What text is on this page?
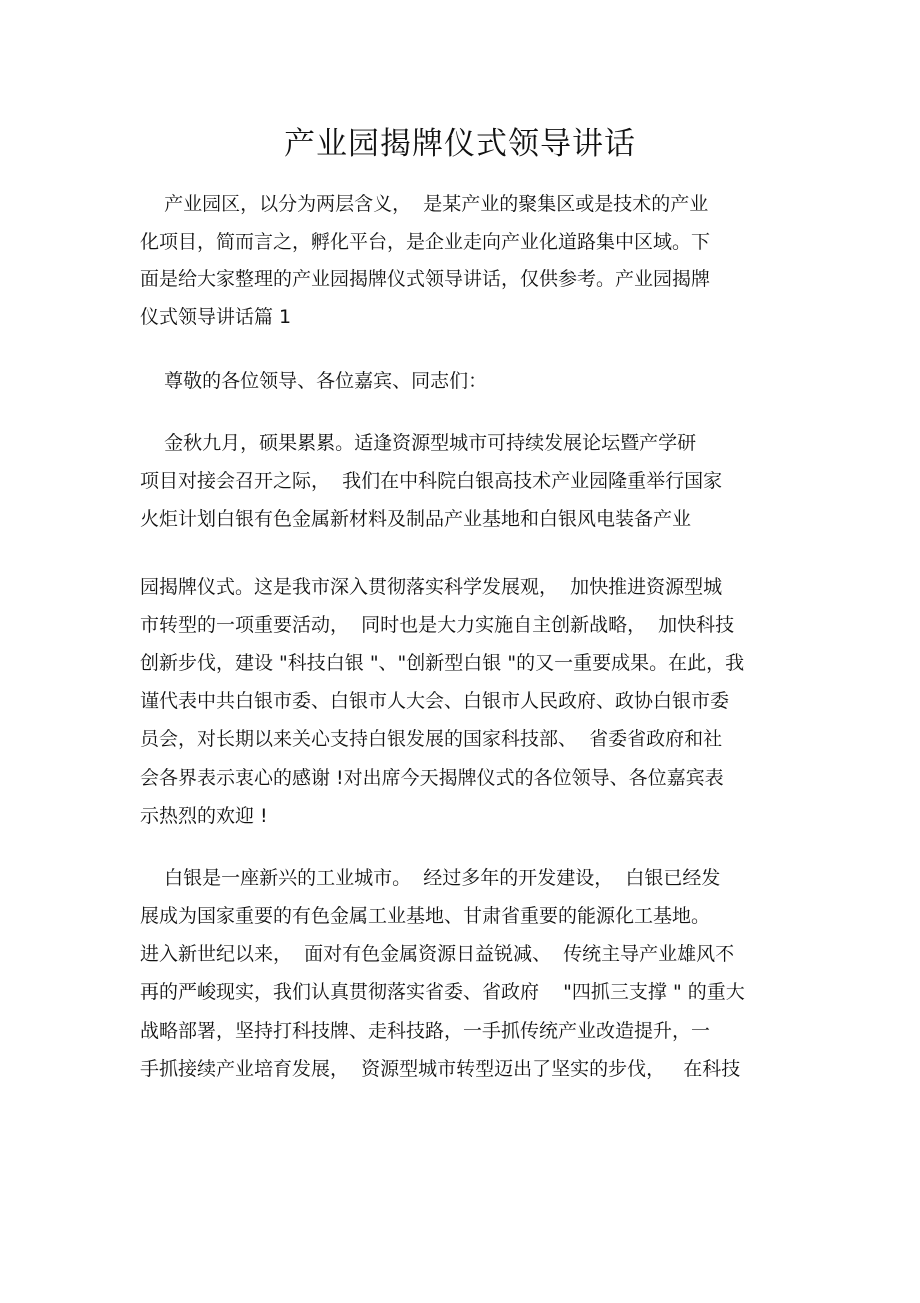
产业园揭牌仪式领导讲话
产业园区，以分为两层含义，  是某产业的聚集区或是技术的产业
化项目，简而言之，孵化平台，是企业走向产业化道路集中区域。下
面是给大家整理的产业园揭牌仪式领导讲话，仅供参考。产业园揭牌
仪式领导讲话篇 1
尊敬的各位领导、各位嘉宾、同志们：
金秋九月，硕果累累。适逢资源型城市可持续发展论坛暨产学研
项目对接会召开之际，  我们在中科院白银高技术产业园隆重举行国家
火炬计划白银有色金属新材料及制品产业基地和白银风电装备产业
园揭牌仪式。这是我市深入贯彻落实科学发展观，  加快推进资源型城
市转型的一项重要活动，  同时也是大力实施自主创新战略，  加快科技
创新步伐，建设 "科技白银 "、"创新型白银 "的又一重要成果。在此，我
谨代表中共白银市委、白银市人大会、白银市人民政府、政协白银市委
员会，对长期以来关心支持白银发展的国家科技部、  省委省政府和社
会各界表示衷心的感谢 !对出席今天揭牌仪式的各位领导、各位嘉宾表
示热烈的欢迎 !
白银是一座新兴的工业城市。  经过多年的开发建设，  白银已经发
展成为国家重要的有色金属工业基地、甘肃省重要的能源化工基地。
进入新世纪以来，  面对有色金属资源日益锐减、  传统主导产业雄风不
再的严峻现实，我们认真贯彻落实省委、省政府    "四抓三支撑 " 的重大
战略部署，坚持打科技牌、走科技路，一手抓传统产业改造提升，一
手抓接续产业培育发展，  资源型城市转型迈出了坚实的步伐，   在科技
